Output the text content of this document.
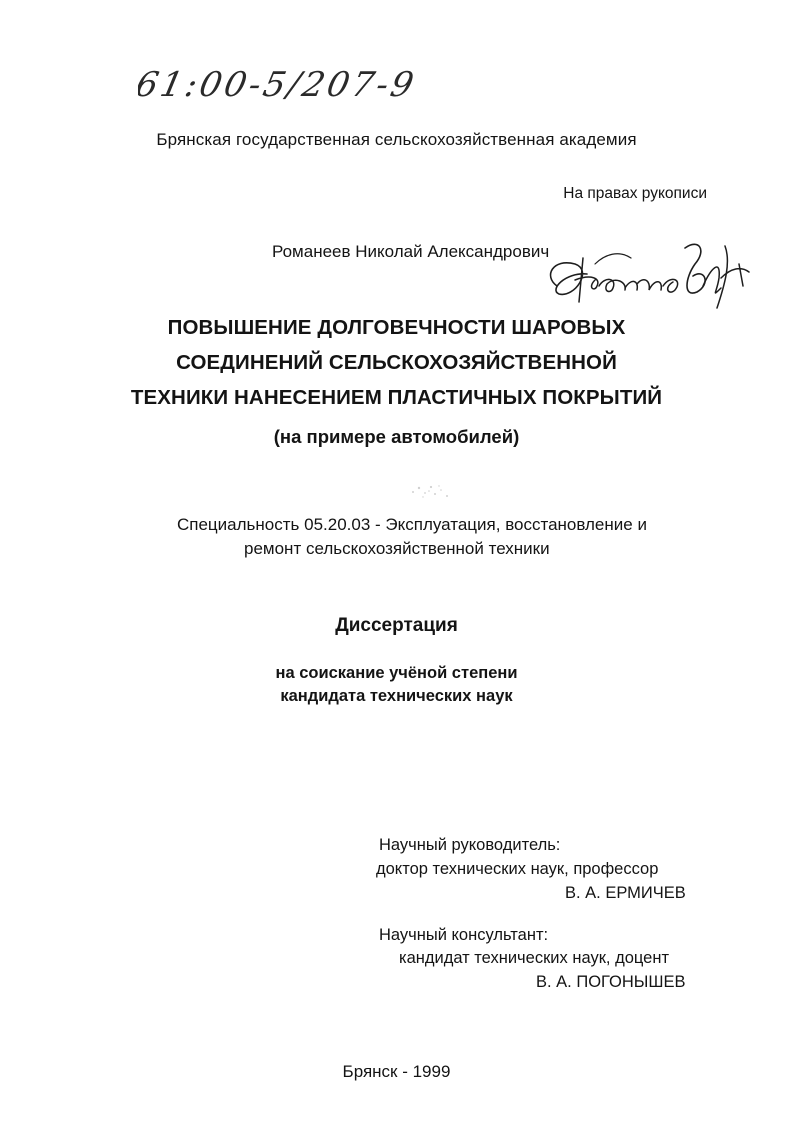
61:00-5/207-9
Брянская государственная сельскохозяйственная академия
На правах рукописи
Романеев Николай Александрович
ПОВЫШЕНИЕ ДОЛГОВЕЧНОСТИ ШАРОВЫХ
СОЕДИНЕНИЙ СЕЛЬСКОХОЗЯЙСТВЕННОЙ
ТЕХНИКИ НАНЕСЕНИЕМ ПЛАСТИЧНЫХ ПОКРЫТИЙ
(на примере автомобилей)
Специальность 05.20.03 - Эксплуатация, восстановление и
ремонт сельскохозяйственной техники
Диссертация
на соискание учёной степени
кандидата технических наук
Научный руководитель:
доктор технических наук, профессор
В. А. ЕРМИЧЕВ
Научный консультант:
кандидат технических наук, доцент
В. А. ПОГОНЫШЕВ
Брянск - 1999
